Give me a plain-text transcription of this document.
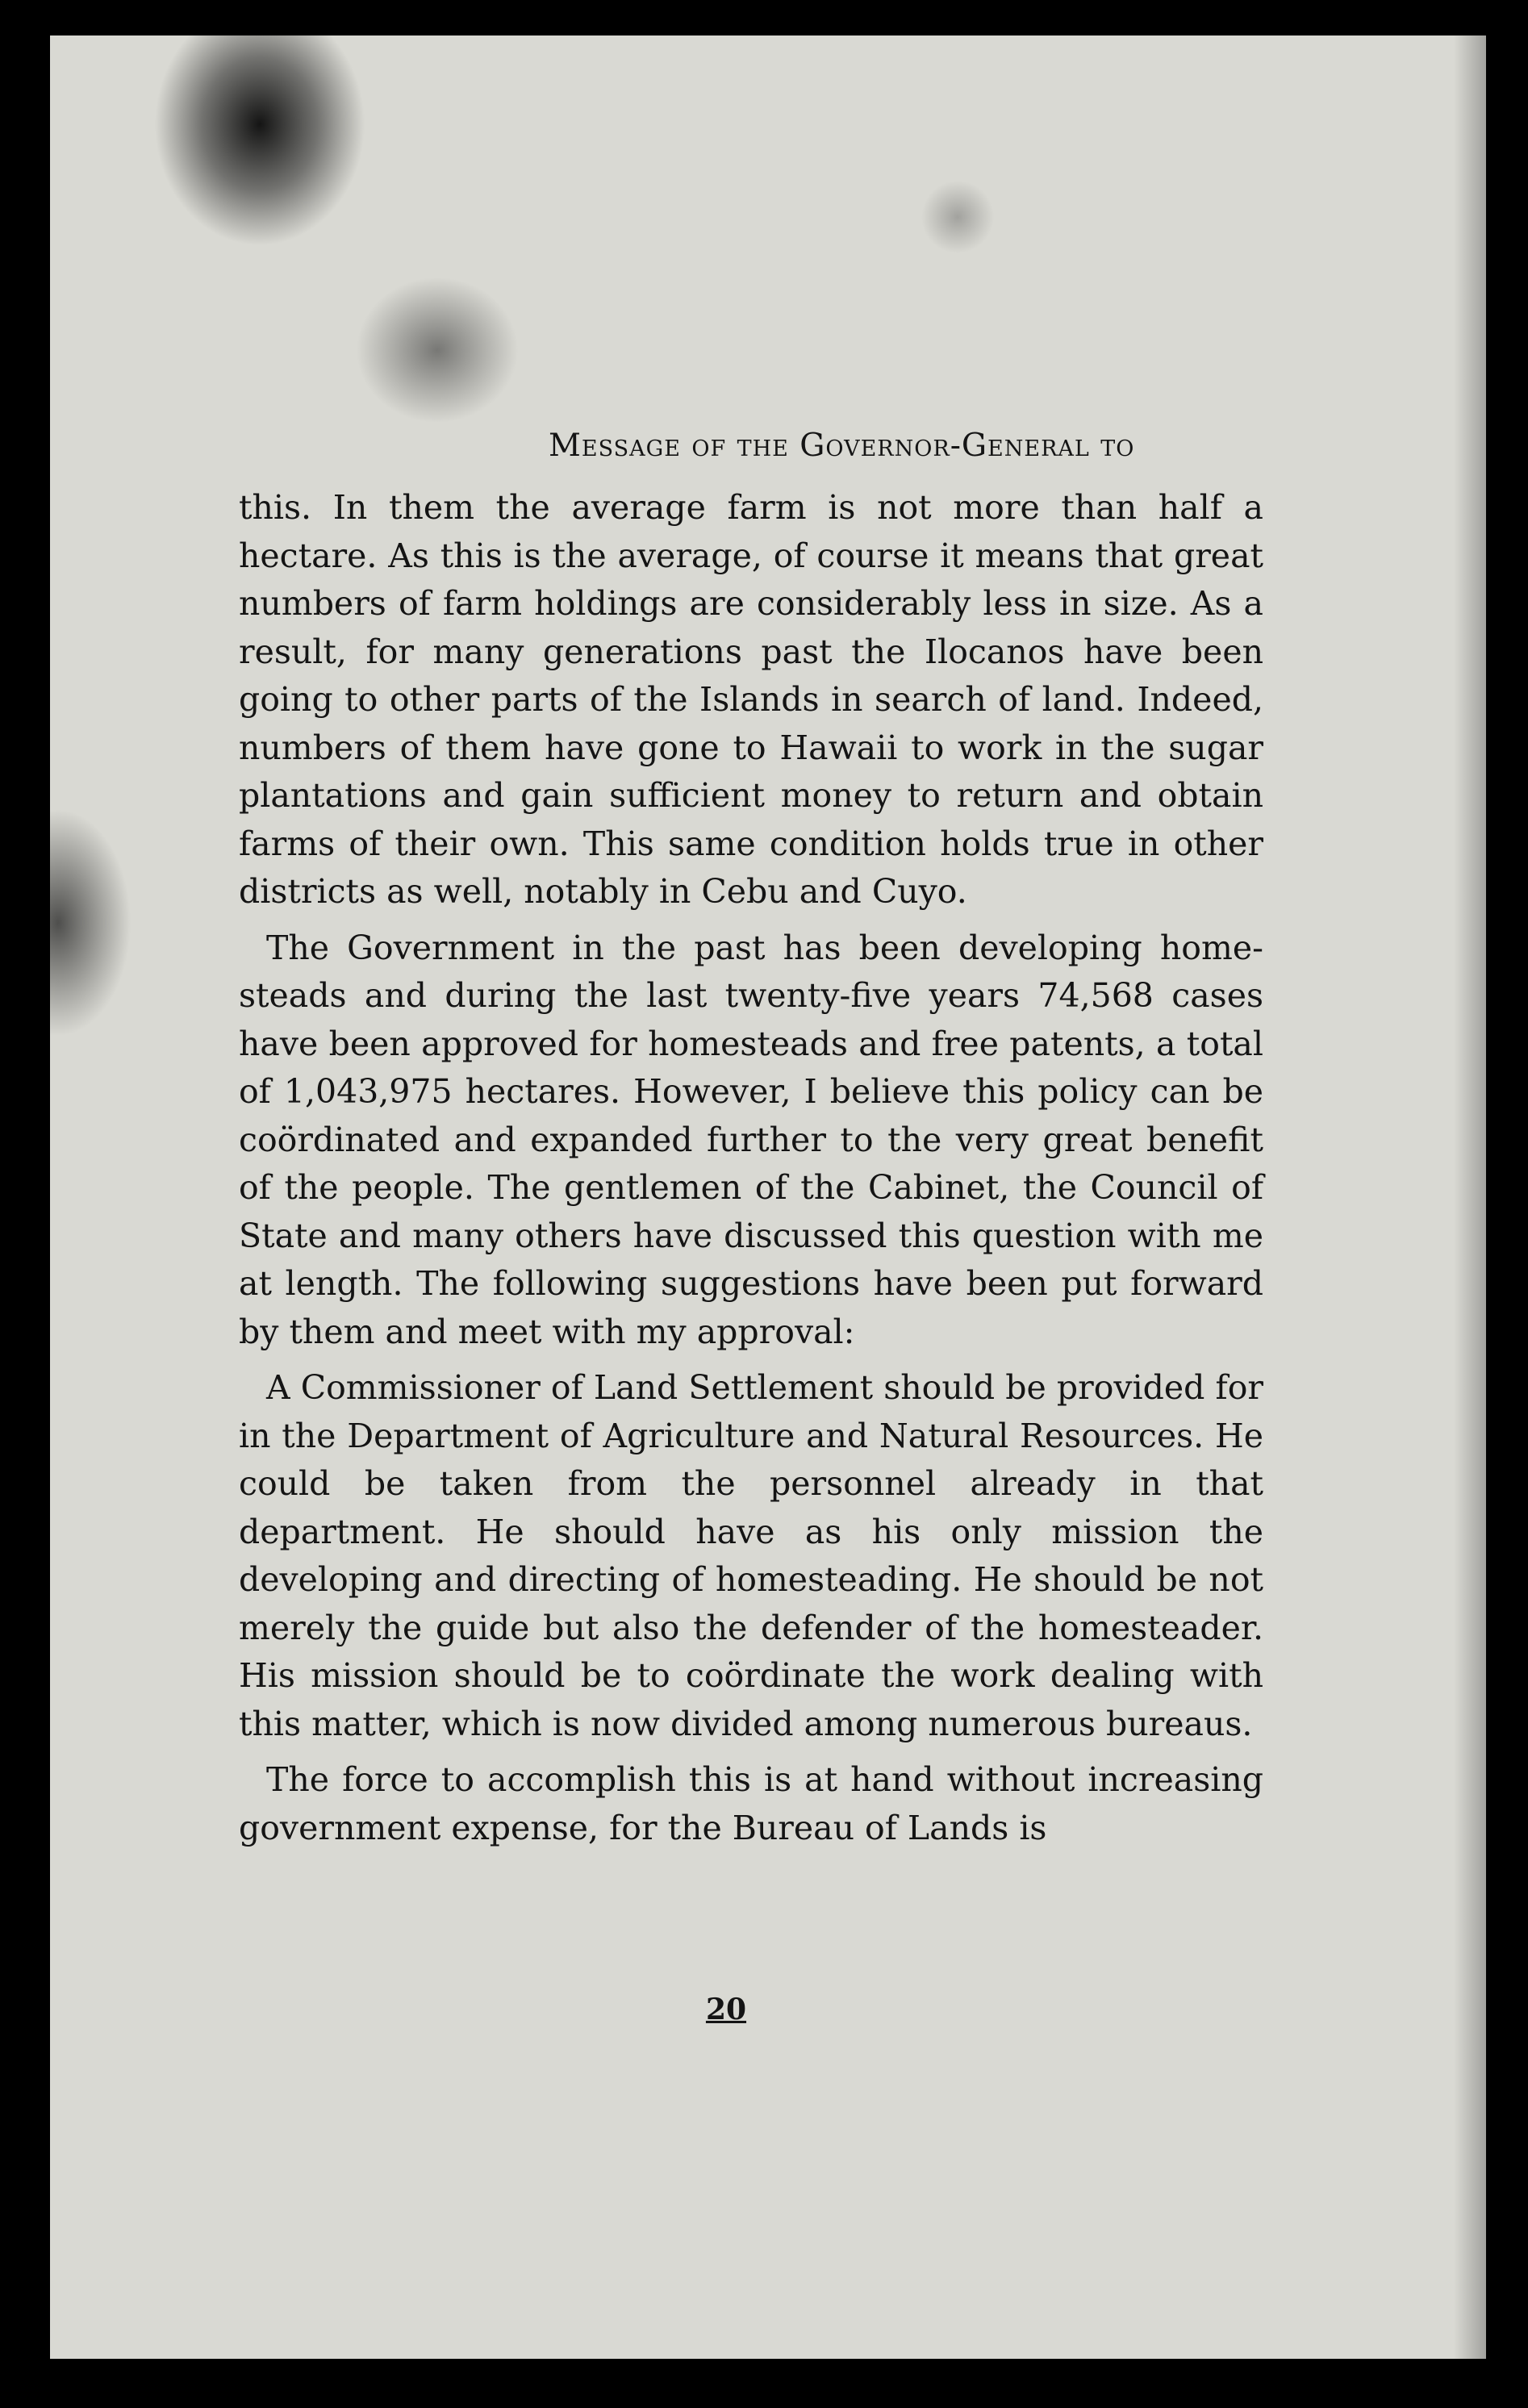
Message of the Governor-General to

this. In them the average farm is not more than half a hectare. As this is the average, of course it means that great numbers of farm holdings are considerably less in size. As a result, for many generations past the Ilocanos have been going to other parts of the Islands in search of land. Indeed, numbers of them have gone to Hawaii to work in the sugar plantations and gain sufficient money to return and obtain farms of their own. This same condition holds true in other districts as well, notably in Cebu and Cuyo.

The Government in the past has been developing homesteads and during the last twenty-five years 74,568 cases have been approved for homesteads and free patents, a total of 1,043,975 hectares. However, I believe this policy can be coördinated and expanded further to the very great benefit of the people. The gentlemen of the Cabinet, the Council of State and many others have discussed this question with me at length. The following suggestions have been put forward by them and meet with my approval:

A Commissioner of Land Settlement should be provided for in the Department of Agriculture and Natural Resources. He could be taken from the personnel already in that department. He should have as his only mission the developing and directing of homesteading. He should be not merely the guide but also the defender of the homesteader. His mission should be to coördinate the work dealing with this matter, which is now divided among numerous bureaus.

The force to accomplish this is at hand without increasing government expense, for the Bureau of Lands is

20
